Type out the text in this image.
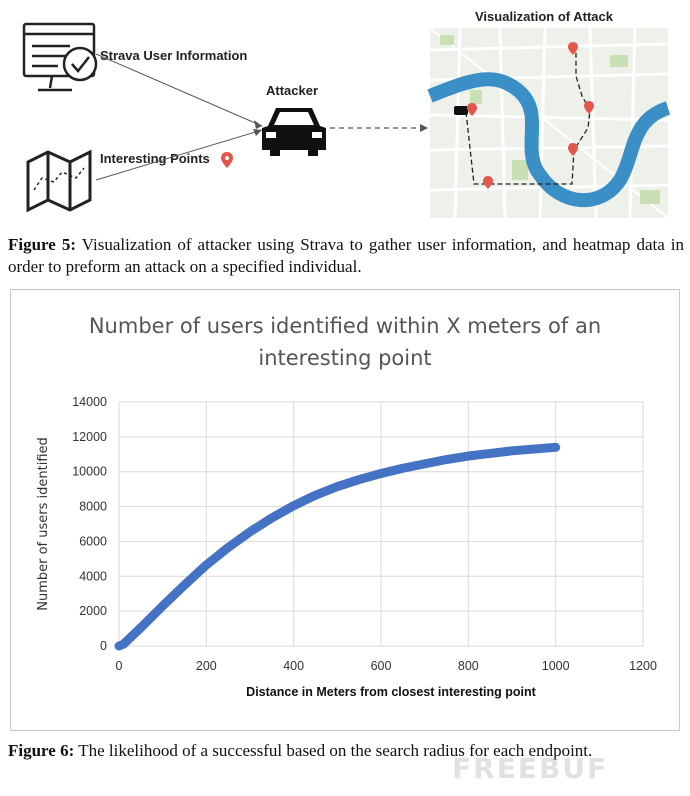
Strava User Information
Interesting Points
Attacker
Visualization of Attack

Figure 5: Visualization of attacker using Strava to gather user information, and heatmap data in order to preform an attack on a specified individual.

Number of users identified within X meters of an interesting point
0
2000
4000
6000
8000
10000
12000
14000
0	200	400	600	800	1000	1200
Number of users identified
Distance in Meters from closest interesting point

Figure 6: The likelihood of a successful based on the search radius for each endpoint.

FREEBUF
